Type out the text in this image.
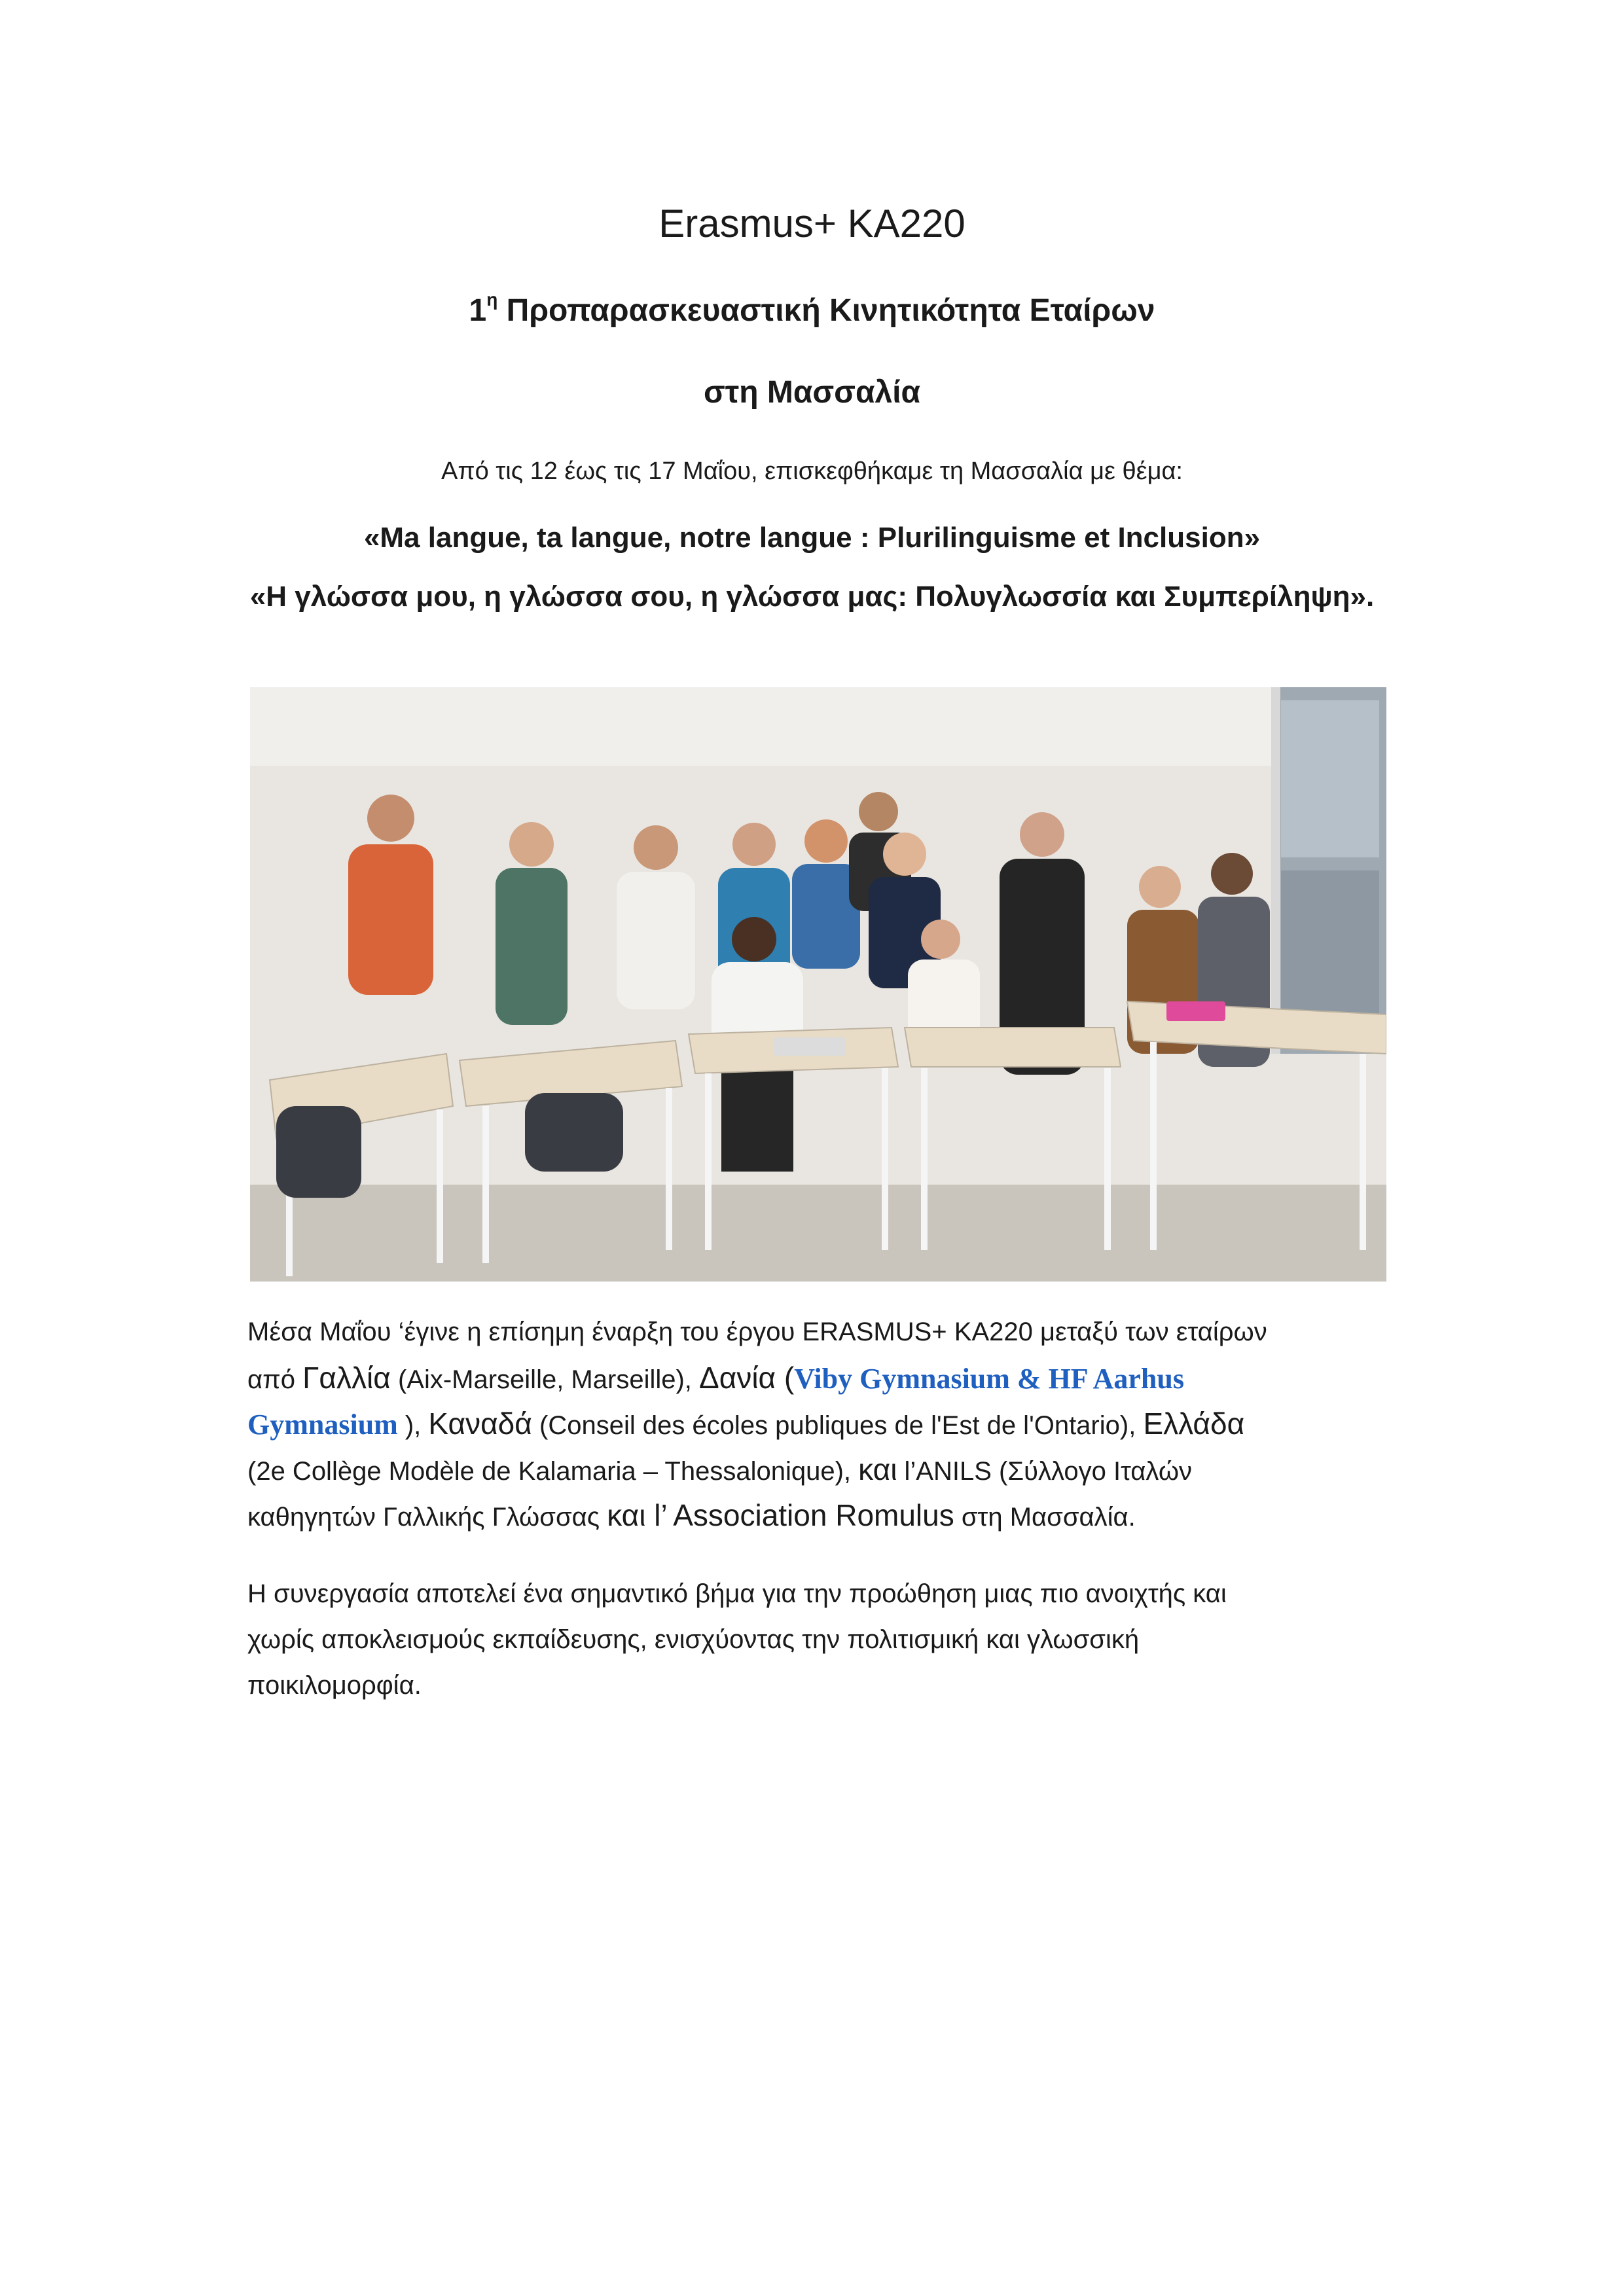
Erasmus+ KA220
$1^\eta$ Προπαρασκευαστική Κινητικότητα Εταίρων
στη Μασσαλία
Από τις 12 έως τις 17 Μαΐου, επισκεφθήκαμε τη Μασσαλία με θέμα:
«Ma langue, ta langue, notre langue : Plurilinguisme et Inclusion»
«Η γλώσσα μου, η γλώσσα σου, η γλώσσα μας: Πολυγλωσσία και Συμπερίληψη».
Μέσα Μαΐου ‘έγινε η επίσημη έναρξη του έργου ERASMUS+ KA220 μεταξύ των εταίρων
από Γαλλία (Aix-Marseille, Marseille), Δανία (Viby Gymnasium & HF Aarhus
Gymnasium ), Καναδά (Conseil des écoles publiques de l'Est de l'Ontario), Ελλάδα
(2e Collège Modèle de Kalamaria – Thessalonique), και l’ANILS (Σύλλογο Ιταλών
καθηγητών Γαλλικής Γλώσσας και l’ Association Romulus στη Μασσαλία.
Η συνεργασία αποτελεί ένα σημαντικό βήμα για την προώθηση μιας πιο ανοιχτής και
χωρίς αποκλεισμούς εκπαίδευσης, ενισχύοντας την πολιτισμική και γλωσσική
ποικιλομορφία.
